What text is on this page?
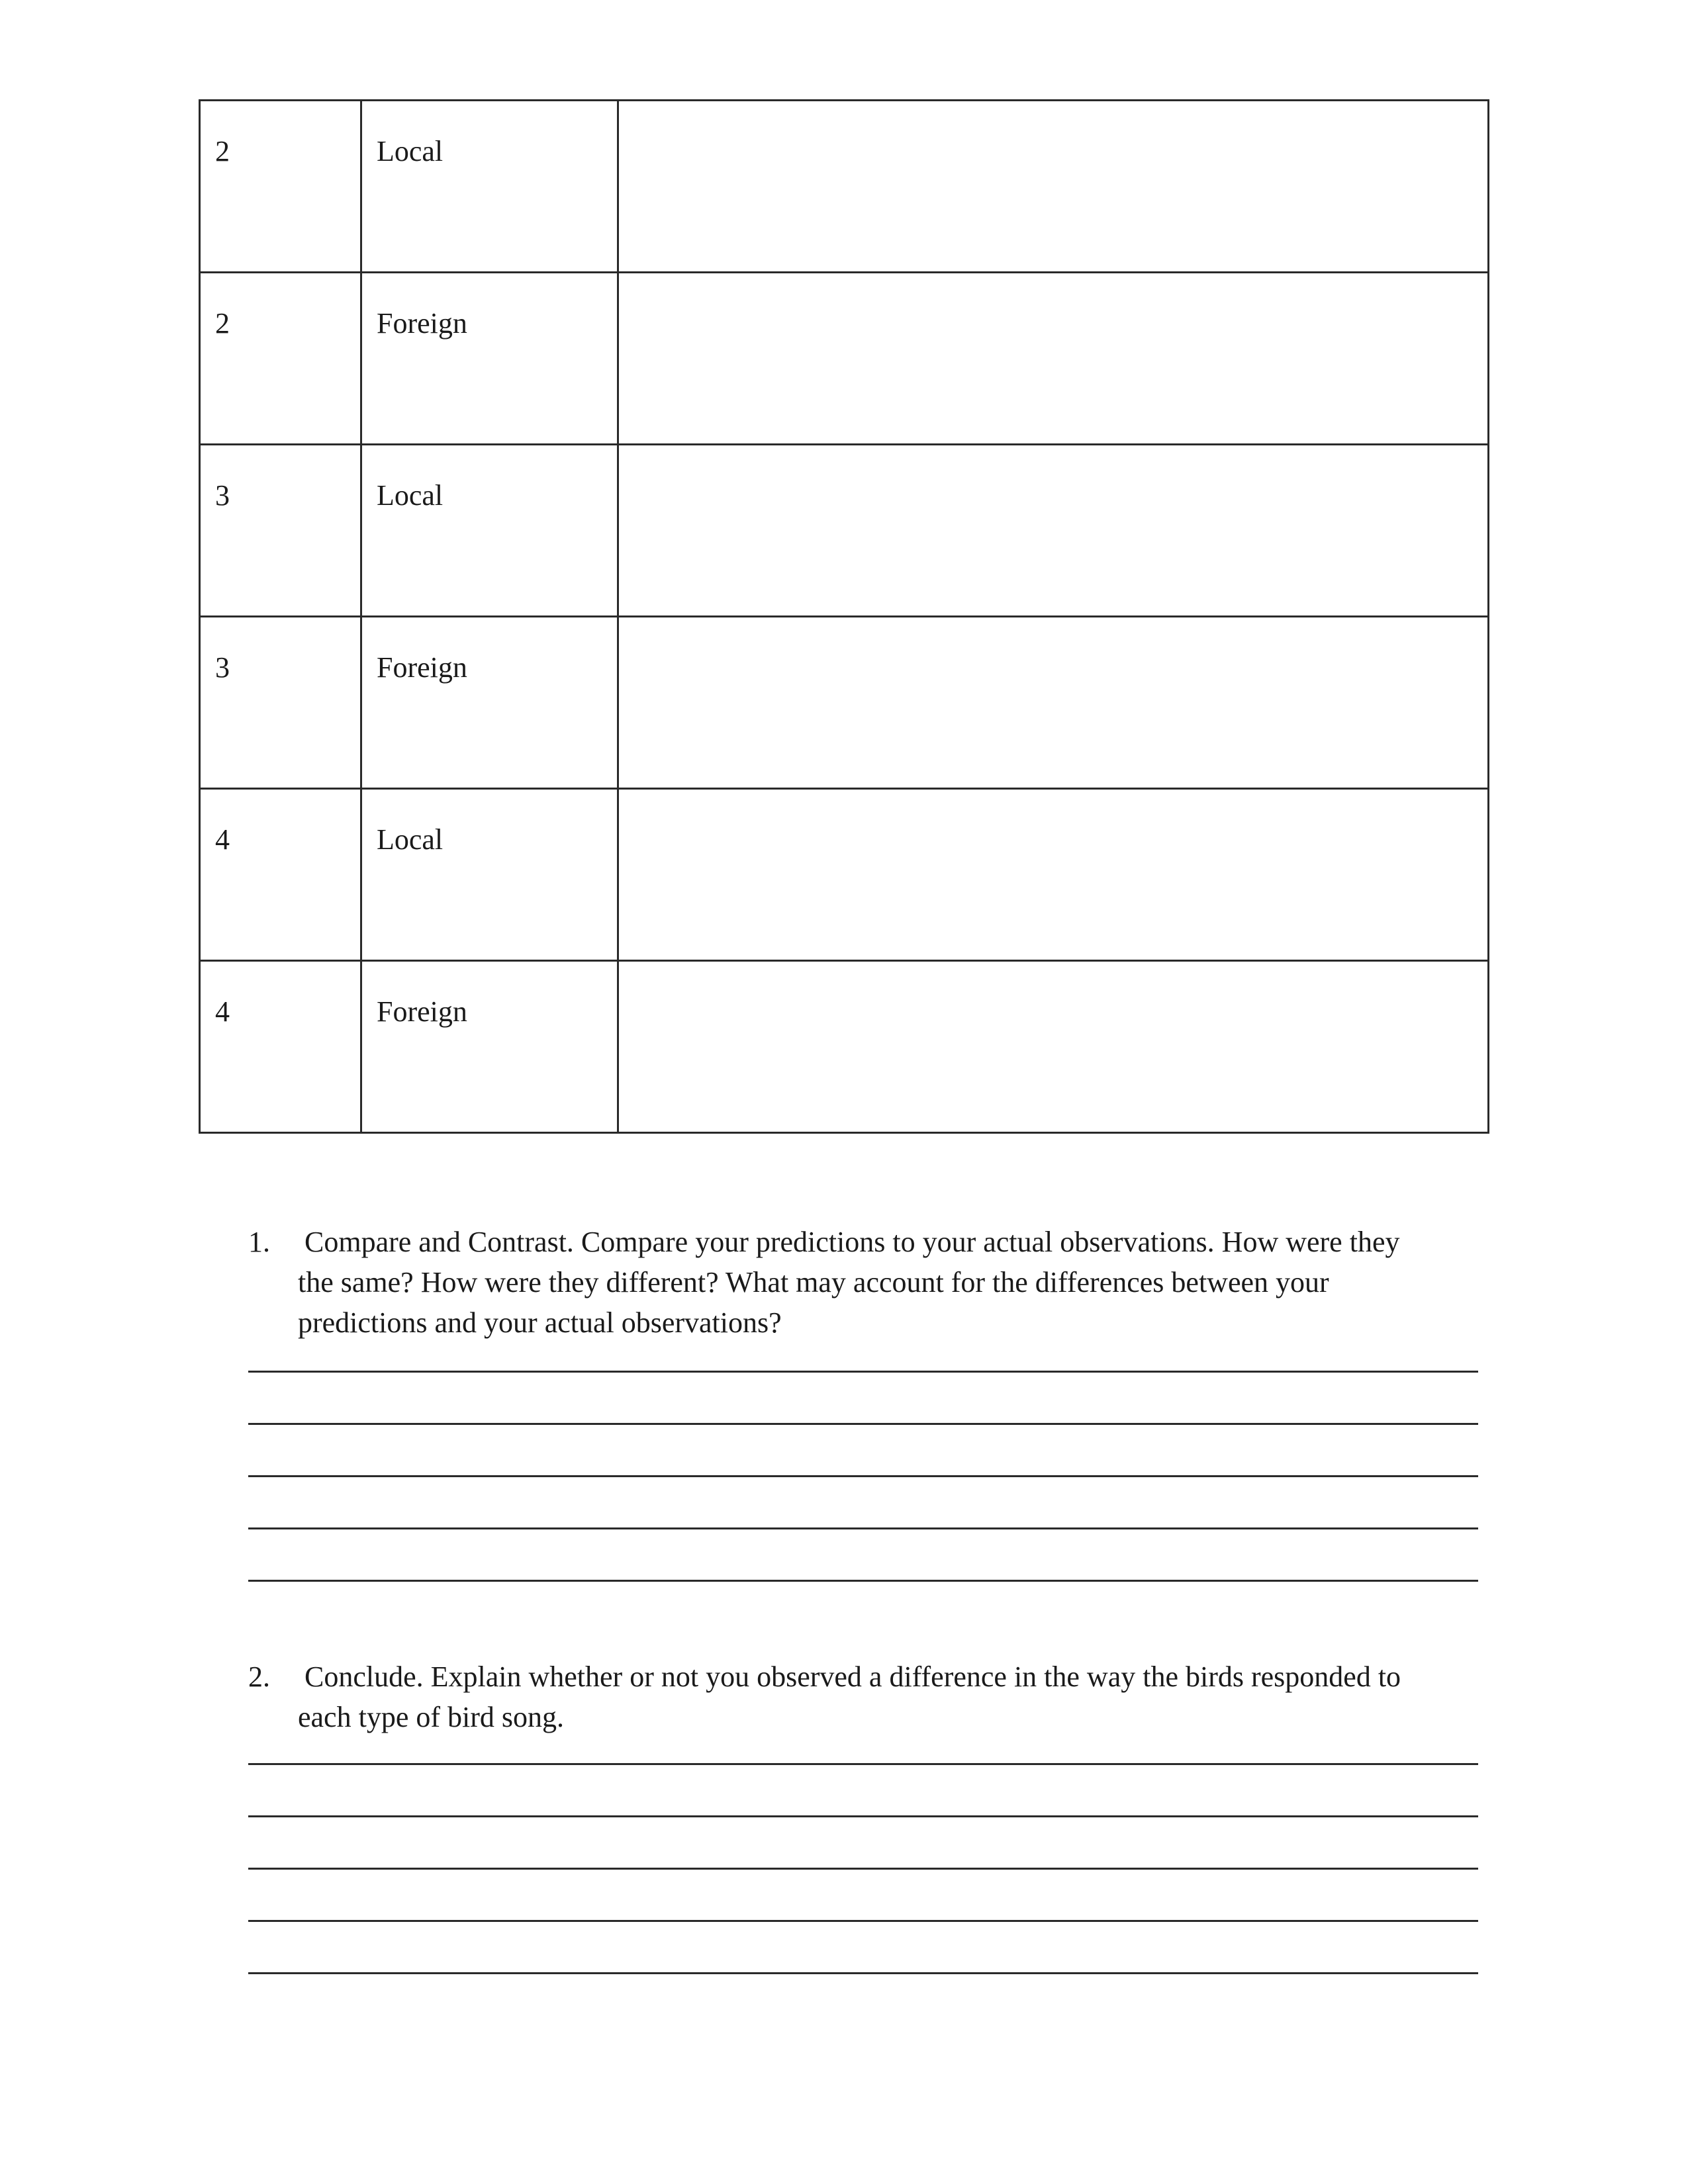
2	Local	
2	Foreign	
3	Local	
3	Foreign	
4	Local	
4	Foreign	
1. Compare and Contrast. Compare your predictions to your actual observations. How were they
the same? How were they different? What may account for the differences between your
predictions and your actual observations?
2. Conclude. Explain whether or not you observed a difference in the way the birds responded to
each type of bird song.
